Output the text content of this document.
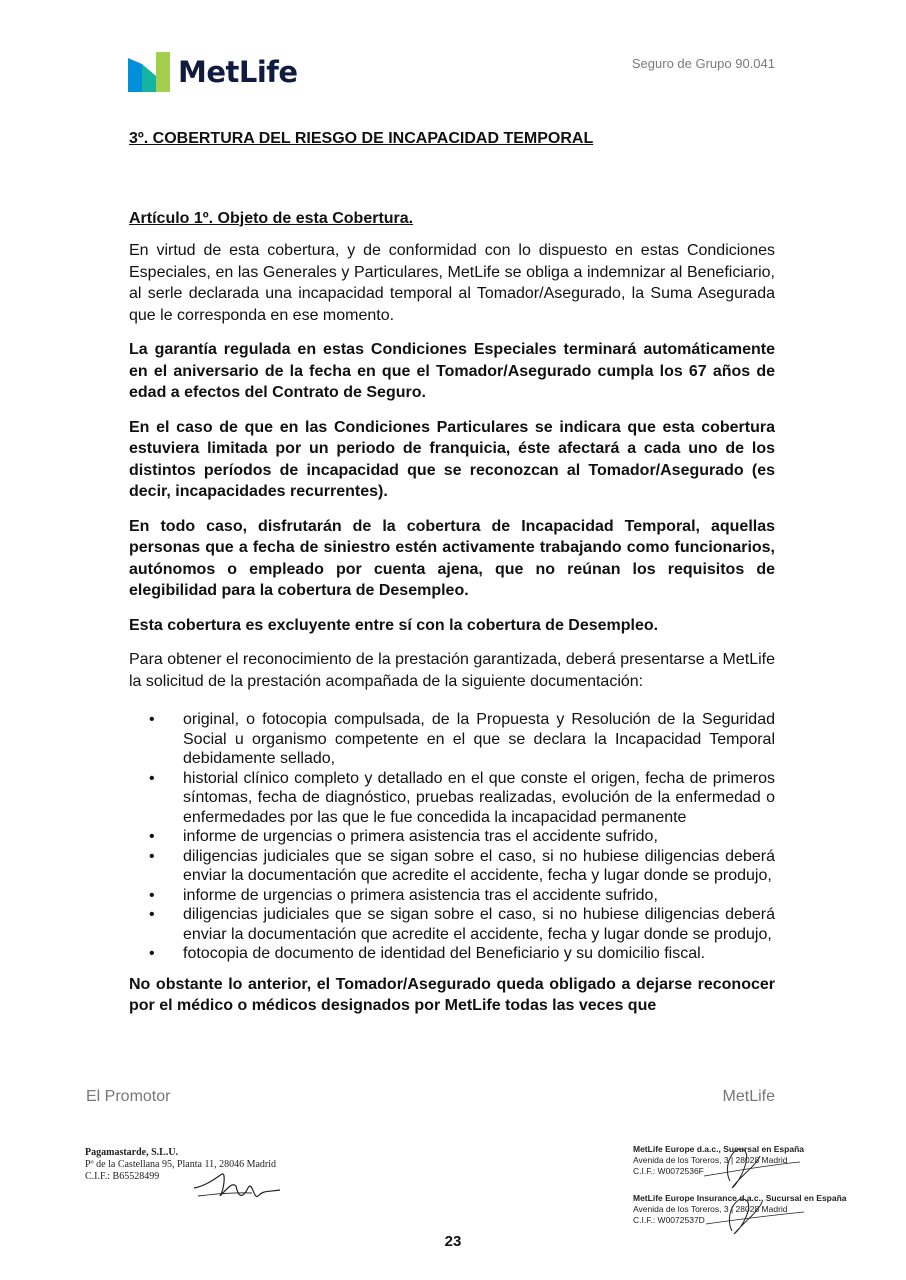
MetLife	Seguro de Grupo 90.041

3º. COBERTURA DEL RIESGO DE INCAPACIDAD TEMPORAL

Artículo 1º. Objeto de esta Cobertura.

En virtud de esta cobertura, y de conformidad con lo dispuesto en estas Condiciones Especiales, en las Generales y Particulares, MetLife se obliga a indemnizar al Beneficiario, al serle declarada una incapacidad temporal al Tomador/Asegurado, la Suma Asegurada que le corresponda en ese momento.

La garantía regulada en estas Condiciones Especiales terminará automáticamente en el aniversario de la fecha en que el Tomador/Asegurado cumpla los 67 años de edad a efectos del Contrato de Seguro.

En el caso de que en las Condiciones Particulares se indicara que esta cobertura estuviera limitada por un periodo de franquicia, éste afectará a cada uno de los distintos períodos de incapacidad que se reconozcan al Tomador/Asegurado (es decir, incapacidades recurrentes).

En todo caso, disfrutarán de la cobertura de Incapacidad Temporal, aquellas personas que a fecha de siniestro estén activamente trabajando como funcionarios, autónomos o empleado por cuenta ajena, que no reúnan los requisitos de elegibilidad para la cobertura de Desempleo.

Esta cobertura es excluyente entre sí con la cobertura de Desempleo.

Para obtener el reconocimiento de la prestación garantizada, deberá presentarse a MetLife la solicitud de la prestación acompañada de la siguiente documentación:

• original, o fotocopia compulsada, de la Propuesta y Resolución de la Seguridad Social u organismo competente en el que se declara la Incapacidad Temporal debidamente sellado,
• historial clínico completo y detallado en el que conste el origen, fecha de primeros síntomas, fecha de diagnóstico, pruebas realizadas, evolución de la enfermedad o enfermedades por las que le fue concedida la incapacidad permanente
• informe de urgencias o primera asistencia tras el accidente sufrido,
• diligencias judiciales que se sigan sobre el caso, si no hubiese diligencias deberá enviar la documentación que acredite el accidente, fecha y lugar donde se produjo,
• informe de urgencias o primera asistencia tras el accidente sufrido,
• diligencias judiciales que se sigan sobre el caso, si no hubiese diligencias deberá enviar la documentación que acredite el accidente, fecha y lugar donde se produjo,
• fotocopia de documento de identidad del Beneficiario y su domicilio fiscal.

No obstante lo anterior, el Tomador/Asegurado queda obligado a dejarse reconocer por el médico o médicos designados por MetLife todas las veces que

El Promotor	MetLife
Pagamastarde, S.L.U.
Pº de la Castellana 95, Planta 11, 28046 Madrid
C.I.F.: B65528499
MetLife Europe d.a.c., Sucursal en España
Avenida de los Toreros, 3 | 28028 Madrid
C.I.F.: W0072536F
MetLife Europe Insurance d.a.c., Sucursal en España
Avenida de los Toreros, 3 | 28028 Madrid
C.I.F.: W0072537D
23
